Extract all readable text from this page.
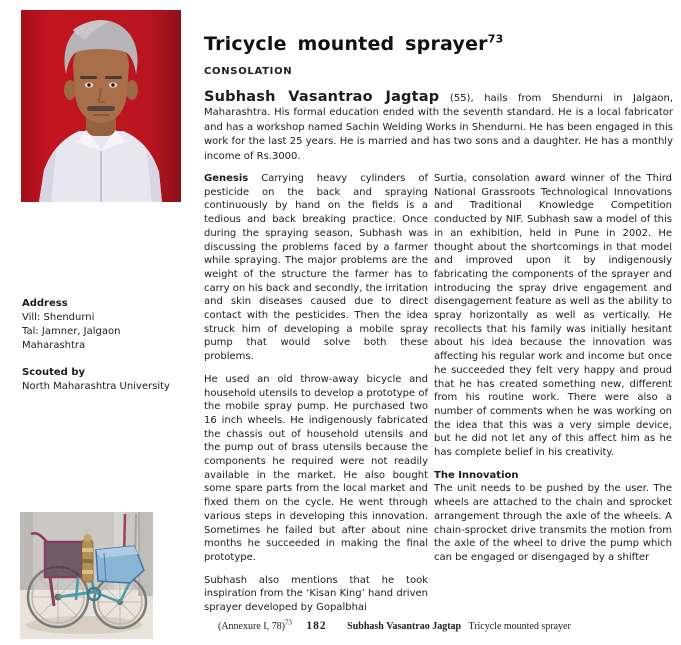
Tricycle mounted sprayer$^{73}$
CONSOLATION

Subhash Vasantrao Jagtap (55), hails from Shendurni in Jalgaon, Maharashtra. His formal education ended with the seventh standard. He is a local fabricator and has a workshop named Sachin Welding Works in Shendurni. He has been engaged in this work for the last 25 years. He is married and has two sons and a daughter. He has a monthly income of Rs.3000.

Genesis Carrying heavy cylinders of pesticide on the back and spraying continuously by hand on the fields is a tedious and back breaking practice. Once during the spraying season, Subhash was discussing the problems faced by a farmer while spraying. The major problems are the weight of the structure the farmer has to carry on his back and secondly, the irritation and skin diseases caused due to direct contact with the pesticides. Then the idea struck him of developing a mobile spray pump that would solve both these problems.

He used an old throw-away bicycle and household utensils to develop a prototype of the mobile spray pump. He purchased two 16 inch wheels. He indigenously fabricated the chassis out of household utensils and the pump out of brass utensils because the components he required were not readily available in the market. He also bought some spare parts from the local market and fixed them on the cycle. He went through various steps in developing this innovation. Sometimes he failed but after about nine months he succeeded in making the final prototype.

Subhash also mentions that he took inspiration from the ‘Kisan King’ hand driven sprayer developed by Gopalbhai

Surtia, consolation award winner of the Third National Grassroots Technological Innovations and Traditional Knowledge Competition conducted by NIF. Subhash saw a model of this in an exhibition, held in Pune in 2002. He thought about the shortcomings in that model and improved upon it by indigenously fabricating the components of the sprayer and introducing the spray drive engagement and disengagement feature as well as the ability to spray horizontally as well as vertically. He recollects that his family was initially hesitant about his idea because the innovation was affecting his regular work and income but once he succeeded they felt very happy and proud that he has created something new, different from his routine work. There were also a number of comments when he was working on the idea that this was a very simple device, but he did not let any of this affect him as he has complete belief in his creativity.

The Innovation

The unit needs to be pushed by the user. The wheels are attached to the chain and sprocket arrangement through the axle of the wheels. A chain-sprocket drive transmits the motion from the axle of the wheel to drive the pump which can be engaged or disengaged by a shifter

Address
Vill: Shendurni
Tal: Jamner, Jalgaon
Maharashtra
Scouted by
North Maharashtra University
(Annexure I, 78)$^{73}$ 182 Subhash Vasantrao Jagtap Tricycle mounted sprayer
